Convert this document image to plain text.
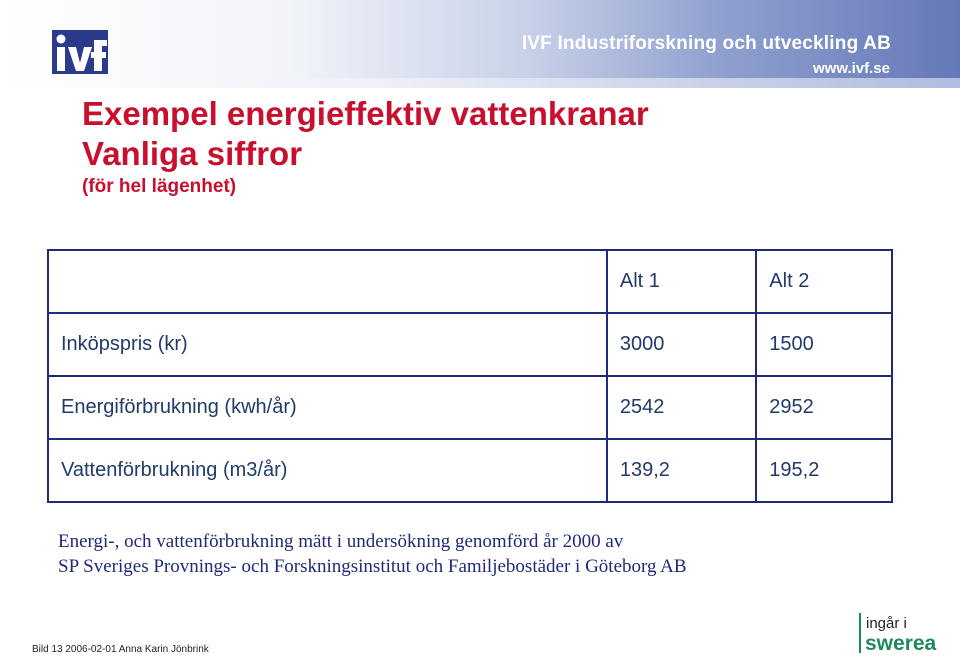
IVF Industriforskning och utveckling AB
www.ivf.se
Exempel energieffektiv vattenkranar
Vanliga siffror
(för hel lägenhet)
	Alt 1	Alt 2
Inköpspris (kr)	3000	1500
Energiförbrukning (kwh/år)	2542	2952
Vattenförbrukning (m3/år)	139,2	195,2
Energi-, och vattenförbrukning mätt i undersökning genomförd år 2000 av
SP Sveriges Provnings- och Forskningsinstitut och Familjebostäder i Göteborg AB
Bild 13 2006-02-01 Anna Karin Jönbrink
ingår i
swerea
